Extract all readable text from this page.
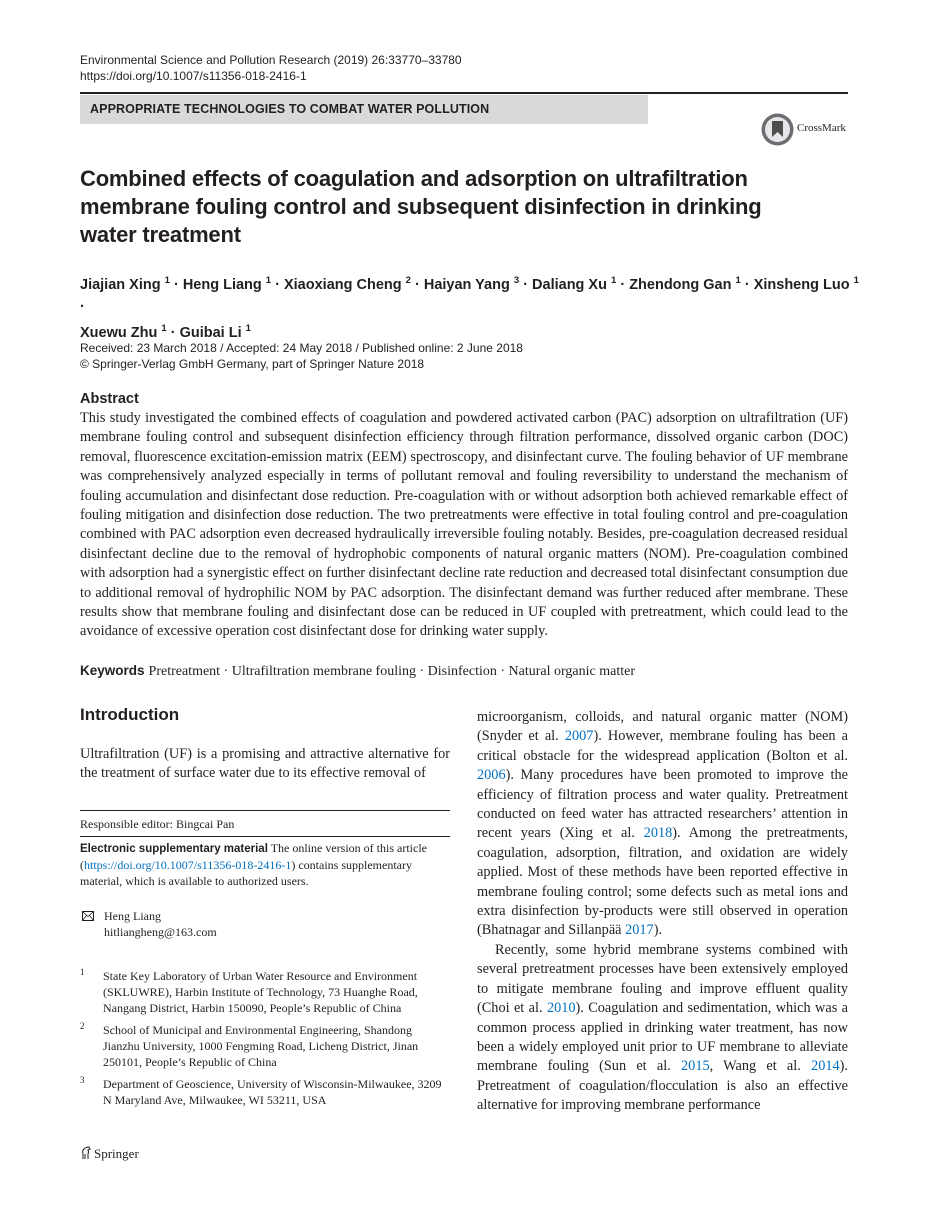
Environmental Science and Pollution Research (2019) 26:33770–33780
https://doi.org/10.1007/s11356-018-2416-1
APPROPRIATE TECHNOLOGIES TO COMBAT WATER POLLUTION
CrossMark
Combined effects of coagulation and adsorption on ultrafiltration membrane fouling control and subsequent disinfection in drinking water treatment
Jiajian Xing $^1$ · Heng Liang $^1$ · Xiaoxiang Cheng $^2$ · Haiyan Yang $^3$ · Daliang Xu $^1$ · Zhendong Gan $^1$ · Xinsheng Luo $^1$ ·
Xuewu Zhu $^1$ · Guibai Li $^1$
Received: 23 March 2018 / Accepted: 24 May 2018 / Published online: 2 June 2018
© Springer-Verlag GmbH Germany, part of Springer Nature 2018
Abstract
This study investigated the combined effects of coagulation and powdered activated carbon (PAC) adsorption on ultrafiltration (UF) membrane fouling control and subsequent disinfection efficiency through filtration performance, dissolved organic carbon (DOC) removal, fluorescence excitation-emission matrix (EEM) spectroscopy, and disinfectant curve. The fouling behavior of UF membrane was comprehensively analyzed especially in terms of pollutant removal and fouling reversibility to understand the mechanism of fouling accumulation and disinfectant dose reduction. Pre-coagulation with or without adsorption both achieved remarkable effect of fouling mitigation and disinfection dose reduction. The two pretreatments were effective in total fouling control and pre-coagulation combined with PAC adsorption even decreased hydraulically irreversible fouling notably. Besides, pre-coagulation decreased residual disinfectant decline due to the removal of hydrophobic components of natural organic matters (NOM). Pre-coagulation combined with adsorption had a synergistic effect on further disinfectant decline rate reduction and decreased total disinfectant consumption due to additional removal of hydrophilic NOM by PAC adsorption. The disinfectant demand was further reduced after membrane. These results show that membrane fouling and disinfectant dose can be reduced in UF coupled with pretreatment, which could lead to the avoidance of excessive operation cost disinfectant dose for drinking water supply.
Keywords Pretreatment · Ultrafiltration membrane fouling · Disinfection · Natural organic matter
Introduction
Ultrafiltration (UF) is a promising and attractive alternative for the treatment of surface water due to its effective removal of
Responsible editor: Bingcai Pan
Electronic supplementary material The online version of this article (https://doi.org/10.1007/s11356-018-2416-1) contains supplementary material, which is available to authorized users.
Heng Liang
hitliangheng@163.com
1 State Key Laboratory of Urban Water Resource and Environment (SKLUWRE), Harbin Institute of Technology, 73 Huanghe Road, Nangang District, Harbin 150090, People’s Republic of China
2 School of Municipal and Environmental Engineering, Shandong Jianzhu University, 1000 Fengming Road, Licheng District, Jinan 250101, People’s Republic of China
3 Department of Geoscience, University of Wisconsin-Milwaukee, 3209 N Maryland Ave, Milwaukee, WI 53211, USA

microorganism, colloids, and natural organic matter (NOM) (Snyder et al. 2007). However, membrane fouling has been a critical obstacle for the widespread application (Bolton et al. 2006). Many procedures have been promoted to improve the efficiency of filtration process and water quality. Pretreatment conducted on feed water has attracted researchers’ attention in recent years (Xing et al. 2018). Among the pretreatments, coagulation, adsorption, filtration, and oxidation are widely applied. Most of these methods have been reported effective in membrane fouling control; some defects such as metal ions and extra disinfection by-products were still observed in operation (Bhatnagar and Sillanpää 2017).

Recently, some hybrid membrane systems combined with several pretreatment processes have been extensively employed to mitigate membrane fouling and improve effluent quality (Choi et al. 2010). Coagulation and sedimentation, which was a common process applied in drinking water treatment, has now been a widely employed unit prior to UF membrane to alleviate membrane fouling (Sun et al. 2015, Wang et al. 2014). Pretreatment of coagulation/flocculation is also an effective alternative for improving membrane performance

Springer
